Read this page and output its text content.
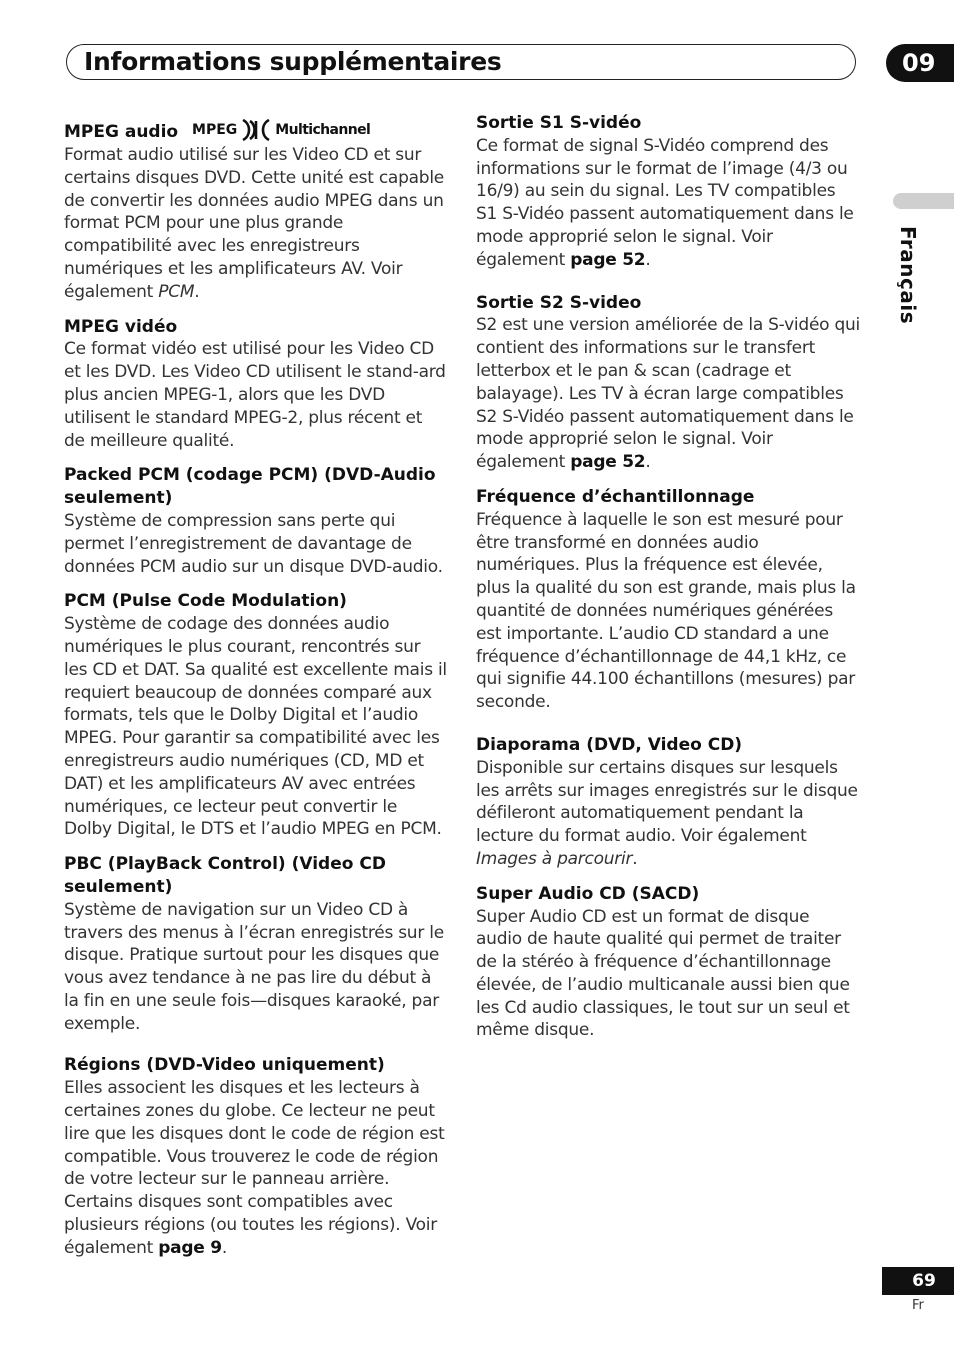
Informations supplémentaires	09
Français
MPEG audio MPEG	Multichannel

Format audio utilisé sur les Video CD et sur certains disques DVD. Cette unité est capable de convertir les données audio MPEG dans un format PCM pour une plus grande compatibilité avec les enregistreurs numériques et les amplificateurs AV. Voir également PCM.

MPEG vidéo

Ce format vidéo est utilisé pour les Video CD et les DVD. Les Video CD utilisent le stand-ard plus ancien MPEG-1, alors que les DVD utilisent le standard MPEG-2, plus récent et de meilleure qualité.

Packed PCM (codage PCM) (DVD-Audio seulement)

Système de compression sans perte qui permet l’enregistrement de davantage de données PCM audio sur un disque DVD-audio.

PCM (Pulse Code Modulation)

Système de codage des données audio numériques le plus courant, rencontrés sur les CD et DAT. Sa qualité est excellente mais il requiert beaucoup de données comparé aux formats, tels que le Dolby Digital et l’audio MPEG. Pour garantir sa compatibilité avec les enregistreurs audio numériques (CD, MD et DAT) et les amplificateurs AV avec entrées numériques, ce lecteur peut convertir le Dolby Digital, le DTS et l’audio MPEG en PCM.

PBC (PlayBack Control) (Video CD seulement)

Système de navigation sur un Video CD à travers des menus à l’écran enregistrés sur le disque. Pratique surtout pour les disques que vous avez tendance à ne pas lire du début à la fin en une seule fois—disques karaoké, par exemple.

Régions (DVD-Video uniquement)

Elles associent les disques et les lecteurs à certaines zones du globe. Ce lecteur ne peut lire que les disques dont le code de région est compatible. Vous trouverez le code de région de votre lecteur sur le panneau arrière. Certains disques sont compatibles avec plusieurs régions (ou toutes les régions). Voir également page 9.

Sortie S1 S-vidéo

Ce format de signal S-Vidéo comprend des informations sur le format de l’image (4/3 ou 16/9) au sein du signal. Les TV compatibles S1 S-Vidéo passent automatiquement dans le mode approprié selon le signal. Voir également page 52.

Sortie S2 S-video

S2 est une version améliorée de la S-vidéo qui contient des informations sur le transfert letterbox et le pan & scan (cadrage et balayage). Les TV à écran large compatibles S2 S-Vidéo passent automatiquement dans le mode approprié selon le signal. Voir également page 52.

Fréquence d’échantillonnage

Fréquence à laquelle le son est mesuré pour être transformé en données audio numériques. Plus la fréquence est élevée, plus la qualité du son est grande, mais plus la quantité de données numériques générées est importante. L’audio CD standard a une fréquence d’échantillonnage de 44,1 kHz, ce qui signifie 44.100 échantillons (mesures) par seconde.

Diaporama (DVD, Video CD)

Disponible sur certains disques sur lesquels les arrêts sur images enregistrés sur le disque défileront automatiquement pendant la lecture du format audio. Voir également Images à parcourir.

Super Audio CD (SACD)

Super Audio CD est un format de disque audio de haute qualité qui permet de traiter de la stéréo à fréquence d’échantillonnage élevée, de l’audio multicanale aussi bien que les Cd audio classiques, le tout sur un seul et même disque.

69
Fr
